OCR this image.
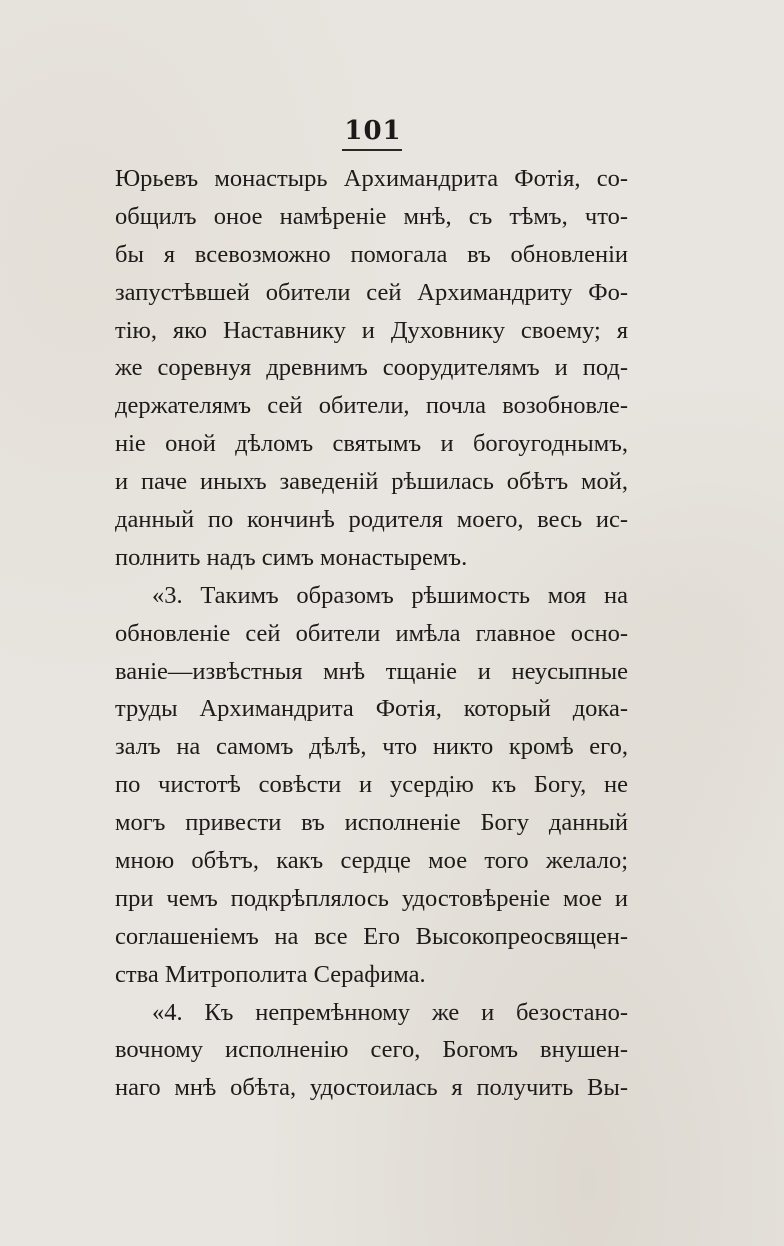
101
Юрьевъ монастырь Архимандрита Фотія, со-
общилъ оное намѣреніе мнѣ, съ тѣмъ, что-
бы я всевозможно помогала въ обновленіи
запустѣвшей обители сей Архимандриту Фо-
тію, яко Наставнику и Духовнику своему; я
же соревнуя древнимъ соорудителямъ и под-
держателямъ сей обители, почла возобновле-
ніе оной дѣломъ святымъ и богоугоднымъ,
и паче иныхъ заведеній рѣшилась обѣтъ мой,
данный по кончинѣ родителя моего, весь ис-
полнить надъ симъ монастыремъ.
«3. Такимъ образомъ рѣшимость моя на
обновленіе сей обители имѣла главное осно-
ваніе—извѣстныя мнѣ тщаніе и неусыпные
труды Архимандрита Фотія, который дока-
залъ на самомъ дѣлѣ, что никто кромѣ его,
по чистотѣ совѣсти и усердію къ Богу, не
могъ привести въ исполненіе Богу данный
мною обѣтъ, какъ сердце мое того желало;
при чемъ подкрѣплялось удостовѣреніе мое и
соглашеніемъ на все Его Высокопреосвящен-
ства Митрополита Серафима.
«4. Къ непремѣнному же и безостано-
вочному исполненію сего, Богомъ внушен-
наго мнѣ обѣта, удостоилась я получить Вы-
